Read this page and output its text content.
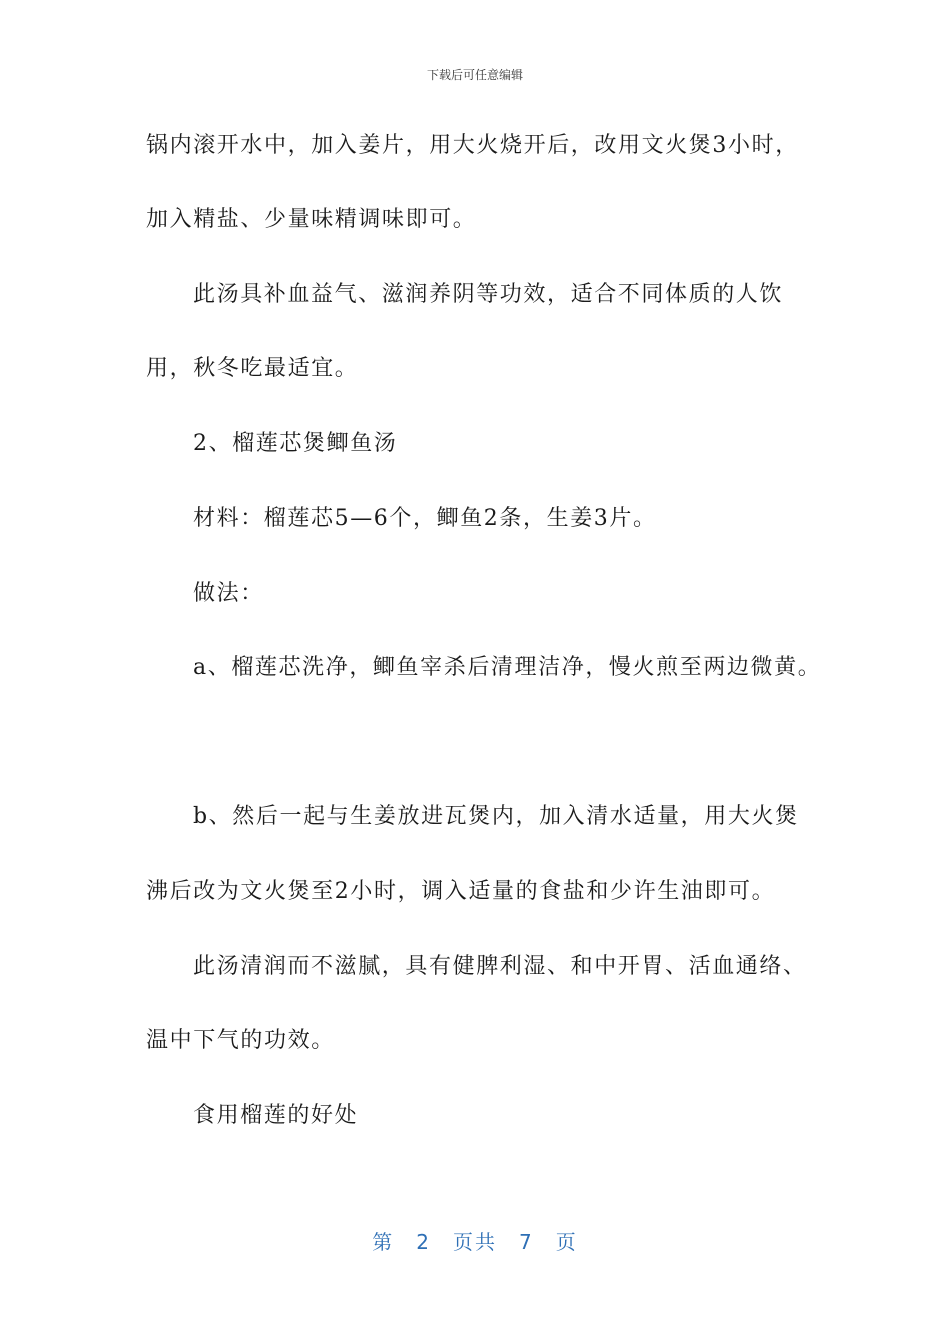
下载后可任意编辑
锅内滚开水中，加入姜片，用大火烧开后，改用文火煲3小时，
加入精盐、少量味精调味即可。
此汤具补血益气、滋润养阴等功效，适合不同体质的人饮
用，秋冬吃最适宜。
2、榴莲芯煲鲫鱼汤
材料：榴莲芯5—6个，鲫鱼2条，生姜3片。
做法：
a、榴莲芯洗净，鲫鱼宰杀后清理洁净，慢火煎至两边微黄。
b、然后一起与生姜放进瓦煲内，加入清水适量，用大火煲
沸后改为文火煲至2小时，调入适量的食盐和少许生油即可。
此汤清润而不滋腻，具有健脾利湿、和中开胃、活血通络、
温中下气的功效。
食用榴莲的好处
第 2 页共 7 页
